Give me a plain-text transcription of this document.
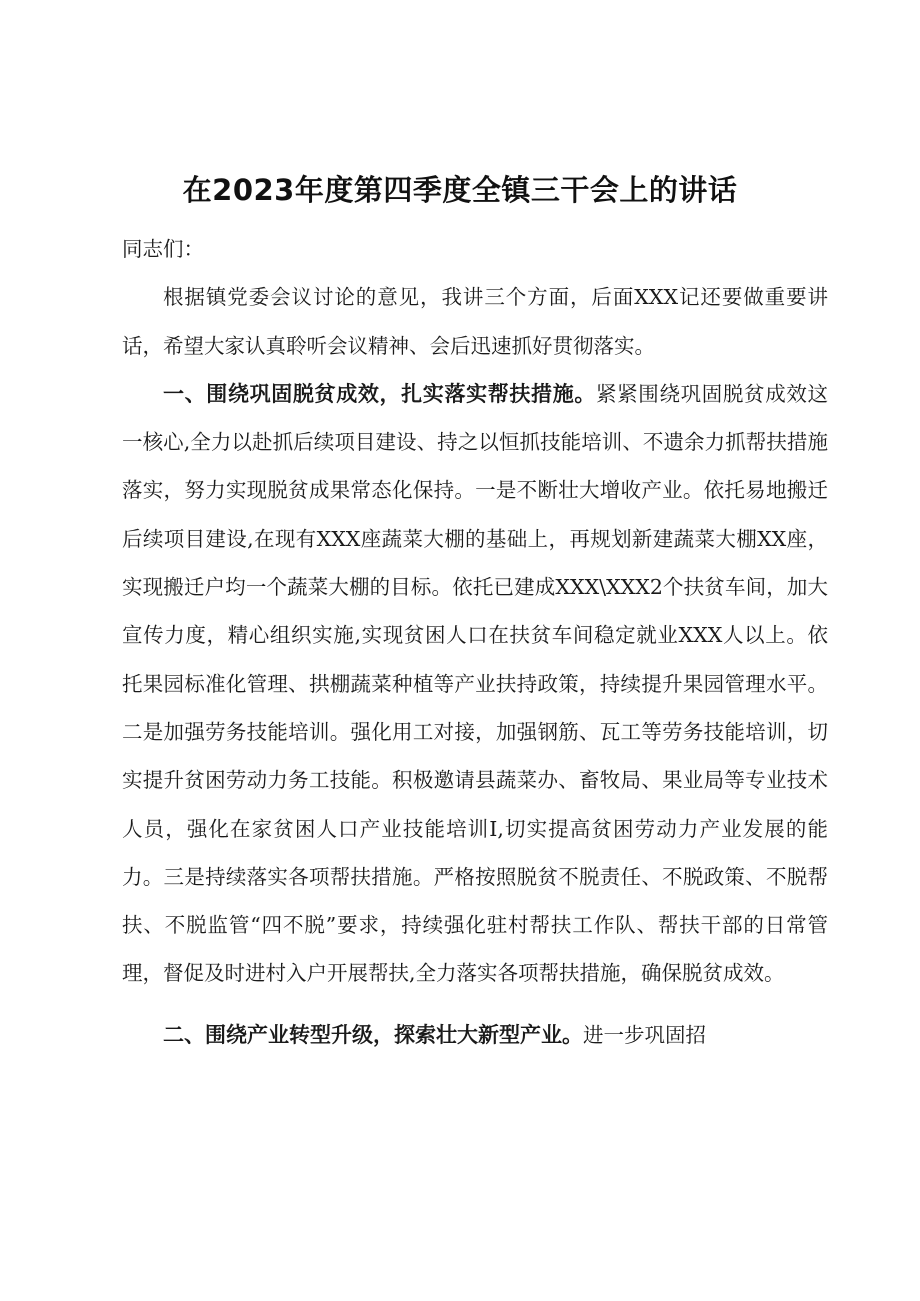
在2023年度第四季度全镇三干会上的讲话

同志们：

根据镇党委会议讨论的意见，我讲三个方面，后面XXX记还要做重要讲话，希望大家认真聆听会议精神、会后迅速抓好贯彻落实。

一、围绕巩固脱贫成效，扎实落实帮扶措施。紧紧围绕巩固脱贫成效这一核心,全力以赴抓后续项目建设、持之以恒抓技能培训、不遗余力抓帮扶措施落实，努力实现脱贫成果常态化保持。一是不断壮大增收产业。依托易地搬迁后续项目建设,在现有XXX座蔬菜大棚的基础上，再规划新建蔬菜大棚XX座，实现搬迁户均一个蔬菜大棚的目标。依托已建成XXX\XXX2个扶贫车间，加大宣传力度，精心组织实施,实现贫困人口在扶贫车间稳定就业XXX人以上。依托果园标准化管理、拱棚蔬菜种植等产业扶持政策，持续提升果园管理水平。二是加强劳务技能培训。强化用工对接，加强钢筋、瓦工等劳务技能培训，切实提升贫困劳动力务工技能。积极邀请县蔬菜办、畜牧局、果业局等专业技术人员，强化在家贫困人口产业技能培训I,切实提高贫困劳动力产业发展的能力。三是持续落实各项帮扶措施。严格按照脱贫不脱责任、不脱政策、不脱帮扶、不脱监管“四不脱”要求，持续强化驻村帮扶工作队、帮扶干部的日常管理，督促及时进村入户开展帮扶,全力落实各项帮扶措施，确保脱贫成效。

二、围绕产业转型升级，探索壮大新型产业。进一步巩固招
